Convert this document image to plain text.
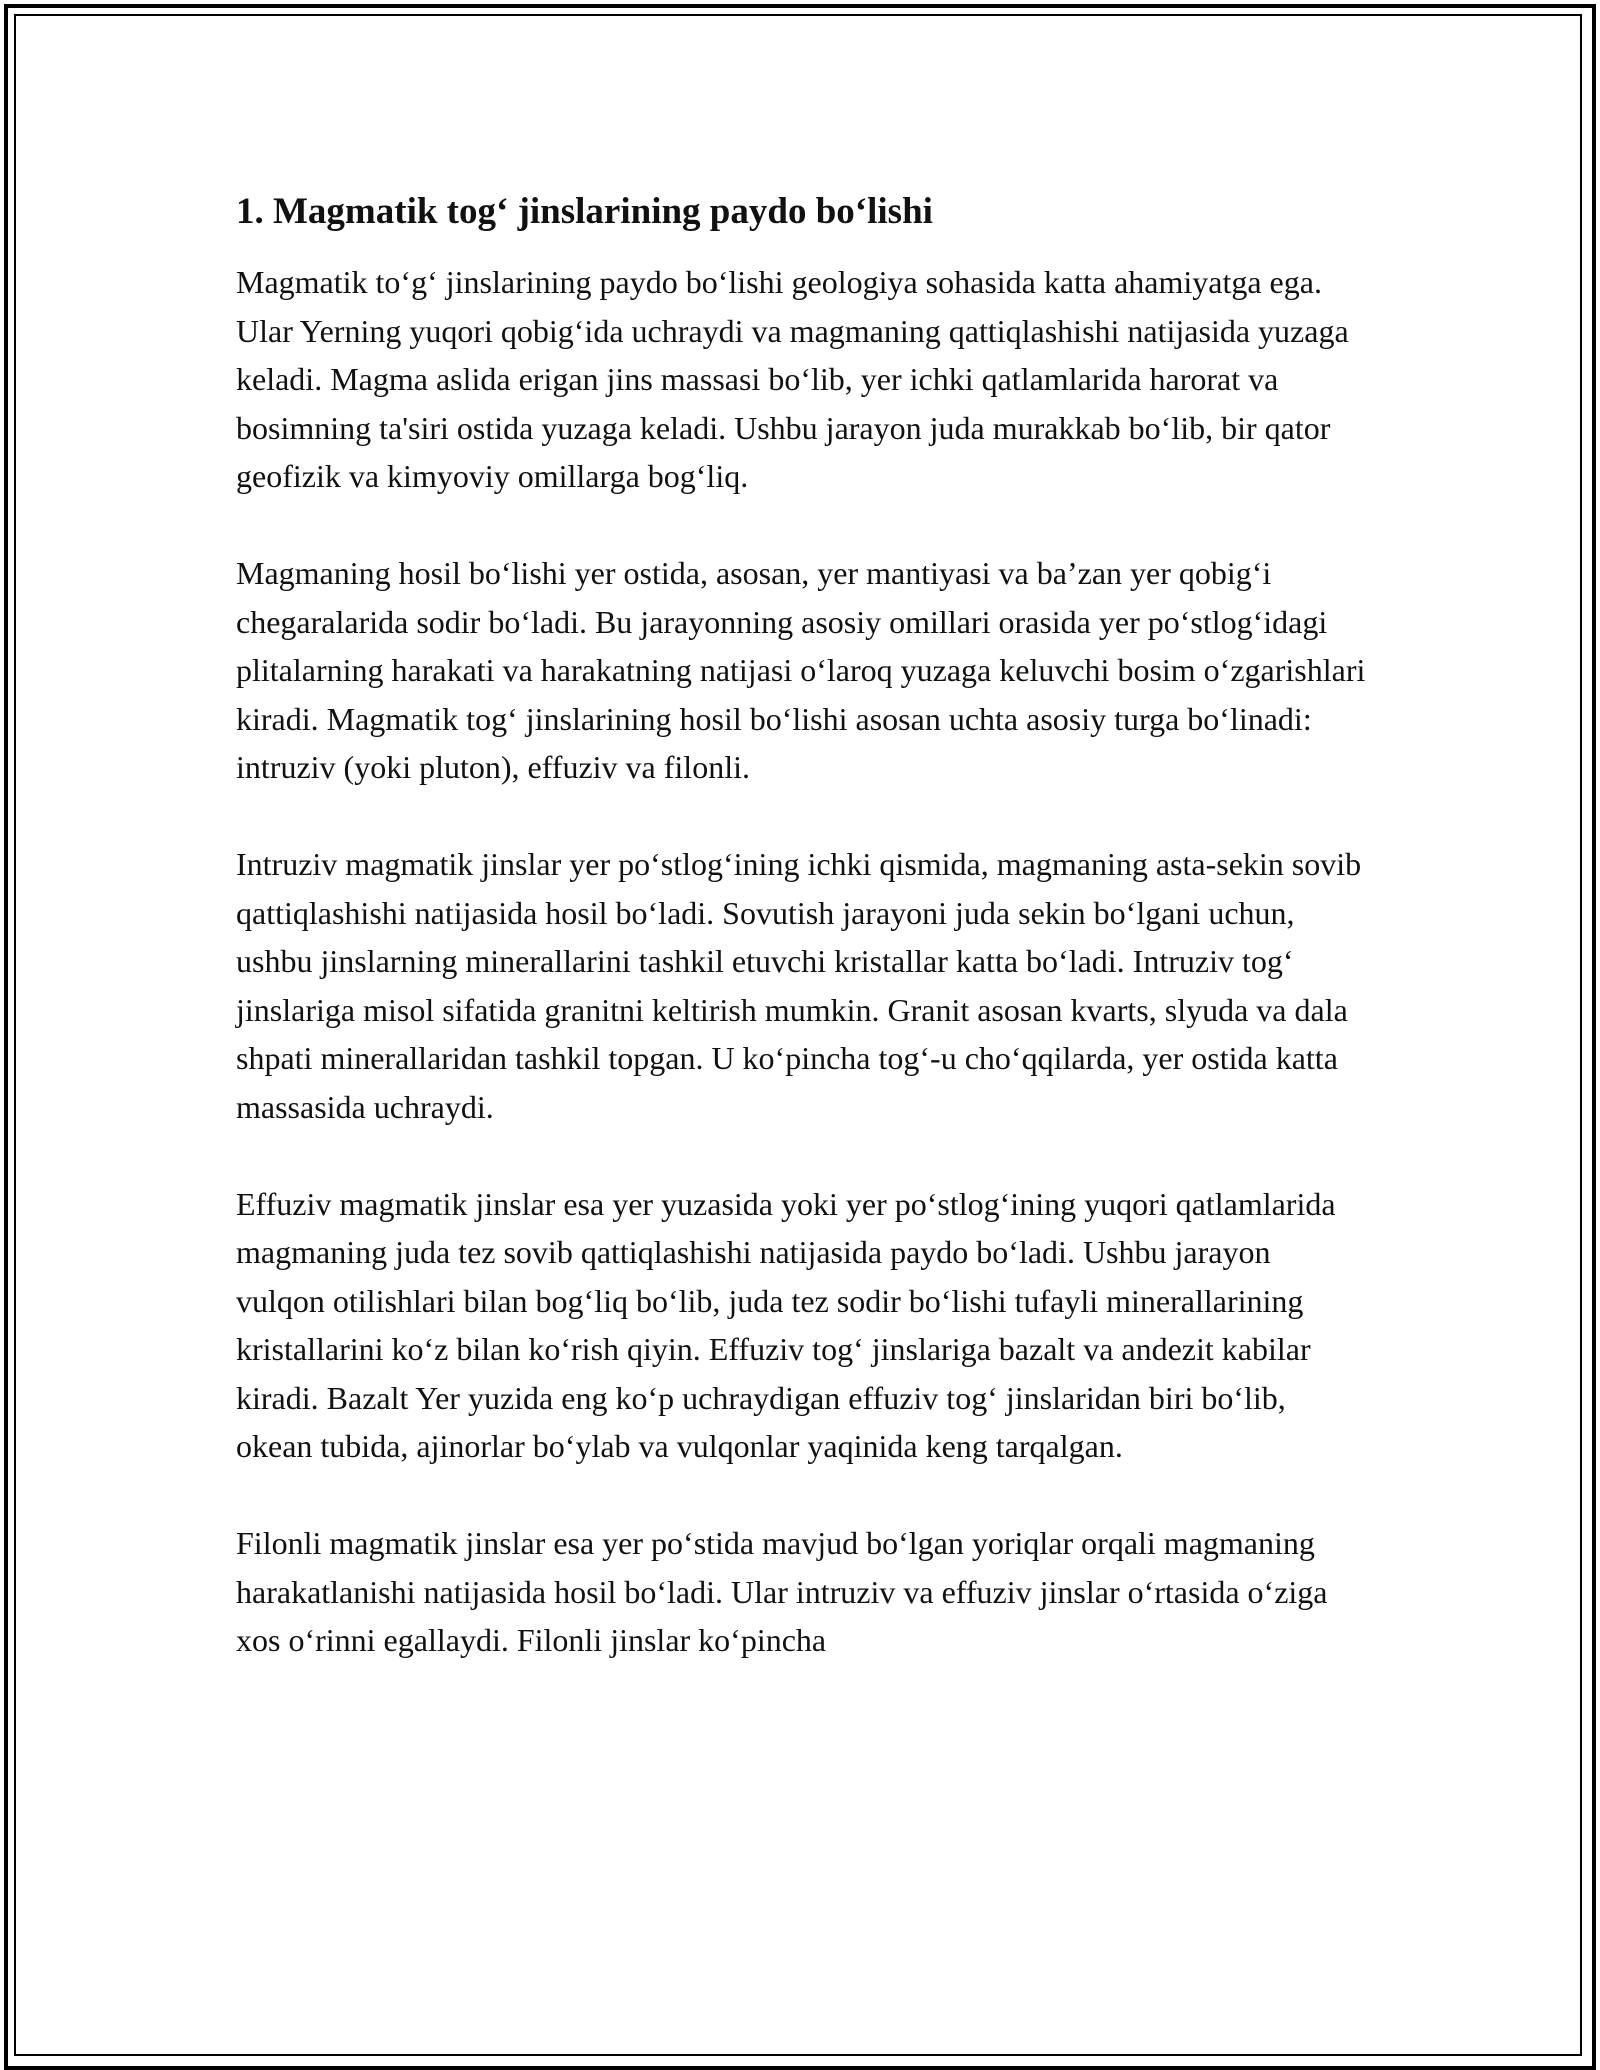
1. Magmatik tog‘ jinslarining paydo bo‘lishi

Magmatik to‘g‘ jinslarining paydo bo‘lishi geologiya sohasida katta ahamiyatga ega. Ular Yerning yuqori qobig‘ida uchraydi va magmaning qattiqlashishi natijasida yuzaga keladi. Magma aslida erigan jins massasi bo‘lib, yer ichki qatlamlarida harorat va bosimning ta'siri ostida yuzaga keladi. Ushbu jarayon juda murakkab bo‘lib, bir qator geofizik va kimyoviy omillarga bog‘liq.

Magmaning hosil bo‘lishi yer ostida, asosan, yer mantiyasi va ba’zan yer qobig‘i chegaralarida sodir bo‘ladi. Bu jarayonning asosiy omillari orasida yer po‘stlog‘idagi plitalarning harakati va harakatning natijasi o‘laroq yuzaga keluvchi bosim o‘zgarishlari kiradi. Magmatik tog‘ jinslarining hosil bo‘lishi asosan uchta asosiy turga bo‘linadi: intruziv (yoki pluton), effuziv va filonli.

Intruziv magmatik jinslar yer po‘stlog‘ining ichki qismida, magmaning asta-sekin sovib qattiqlashishi natijasida hosil bo‘ladi. Sovutish jarayoni juda sekin bo‘lgani uchun, ushbu jinslarning minerallarini tashkil etuvchi kristallar katta bo‘ladi. Intruziv tog‘ jinslariga misol sifatida granitni keltirish mumkin. Granit asosan kvarts, slyuda va dala shpati minerallaridan tashkil topgan. U ko‘pincha tog‘-u cho‘qqilarda, yer ostida katta massasida uchraydi.

Effuziv magmatik jinslar esa yer yuzasida yoki yer po‘stlog‘ining yuqori qatlamlarida magmaning juda tez sovib qattiqlashishi natijasida paydo bo‘ladi. Ushbu jarayon vulqon otilishlari bilan bog‘liq bo‘lib, juda tez sodir bo‘lishi tufayli minerallarining kristallarini ko‘z bilan ko‘rish qiyin. Effuziv tog‘ jinslariga bazalt va andezit kabilar kiradi. Bazalt Yer yuzida eng ko‘p uchraydigan effuziv tog‘ jinslaridan biri bo‘lib, okean tubida, ajinorlar bo‘ylab va vulqonlar yaqinida keng tarqalgan.

Filonli magmatik jinslar esa yer po‘stida mavjud bo‘lgan yoriqlar orqali magmaning harakatlanishi natijasida hosil bo‘ladi. Ular intruziv va effuziv jinslar o‘rtasida o‘ziga xos o‘rinni egallaydi. Filonli jinslar ko‘pincha
